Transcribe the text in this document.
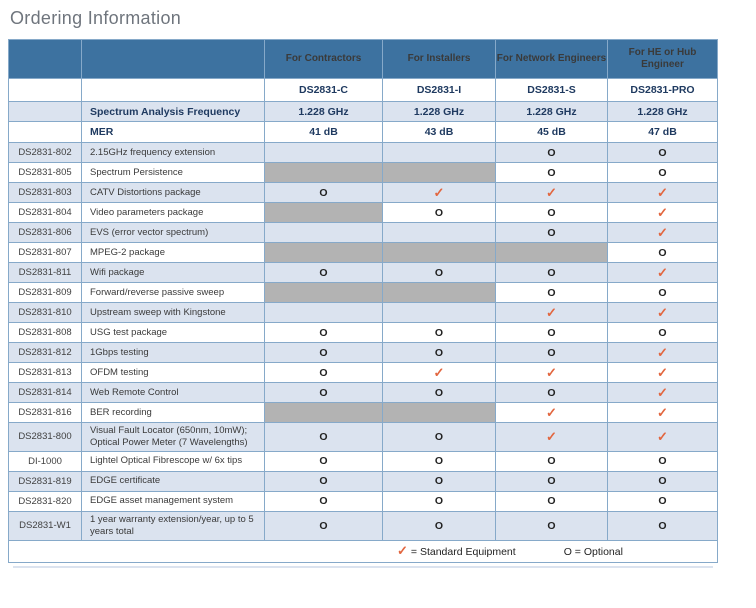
Ordering Information
		For Contractors	For Installers	For Network Engineers	For HE or Hub Engineer
		DS2831-C	DS2831-I	DS2831-S	DS2831-PRO
	Spectrum Analysis Frequency	1.228 GHz	1.228 GHz	1.228 GHz	1.228 GHz
	MER	41 dB	43 dB	45 dB	47 dB
DS2831-802	2.15GHz frequency extension			O	O
DS2831-805	Spectrum Persistence			O	O
DS2831-803	CATV Distortions package	O	✓	✓	✓
DS2831-804	Video parameters package		O	O	✓
DS2831-806	EVS (error vector spectrum)			O	✓
DS2831-807	MPEG-2 package				O
DS2831-811	Wifi package	O	O	O	✓
DS2831-809	Forward/reverse passive sweep			O	O
DS2831-810	Upstream sweep with Kingstone			✓	✓
DS2831-808	USG test package	O	O	O	O
DS2831-812	1Gbps testing	O	O	O	✓
DS2831-813	OFDM testing	O	✓	✓	✓
DS2831-814	Web Remote Control	O	O	O	✓
DS2831-816	BER recording			✓	✓
DS2831-800	Visual Fault Locator (650nm, 10mW); Optical Power Meter (7 Wavelengths)	O	O	✓	✓
DI-1000	Lightel Optical Fibrescope w/ 6x tips	O	O	O	O
DS2831-819	EDGE certificate	O	O	O	O
DS2831-820	EDGE asset management system	O	O	O	O
DS2831-W1	1 year warranty extension/year, up to 5 years total	O	O	O	O
✓ = Standard Equipment O = Optional					
